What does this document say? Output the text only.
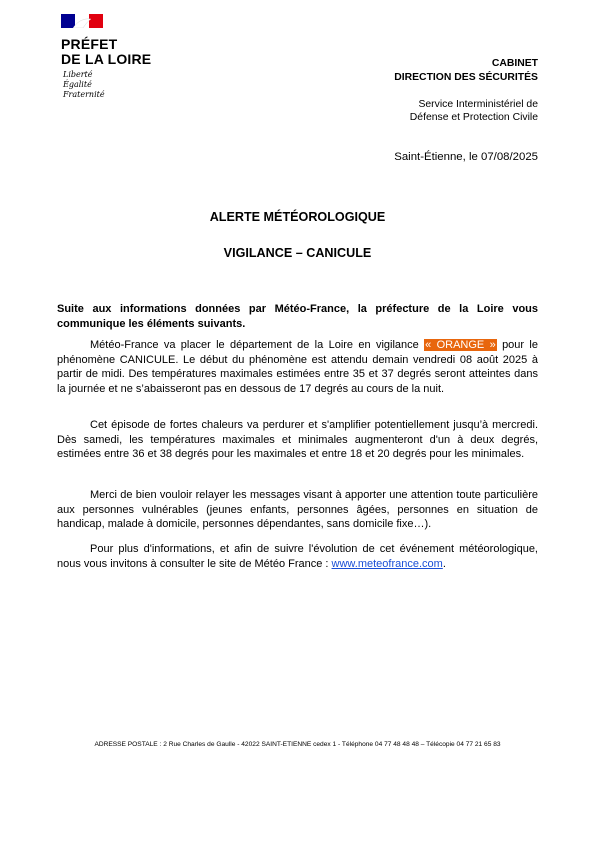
PRÉFET
DE LA LOIRE
Liberté
Égalité
Fraternité
CABINET
DIRECTION DES SÉCURITÉS
Service Interministériel de
Défense et Protection Civile
Saint-Étienne, le 07/08/2025
ALERTE MÉTÉOROLOGIQUE
VIGILANCE – CANICULE
Suite aux informations données par Météo-France, la préfecture de la Loire vous communique les éléments suivants.
Météo-France va placer le département de la Loire en vigilance « ORANGE » pour le phénomène CANICULE. Le début du phénomène est attendu demain vendredi 08 août 2025 à partir de midi. Des températures maximales estimées entre 35 et 37 degrés seront atteintes dans la journée et ne s’abaisseront pas en dessous de 17 degrés au cours de la nuit.
Cet épisode de fortes chaleurs va perdurer et s'amplifier potentiellement jusqu’à mercredi. Dès samedi, les températures maximales et minimales augmenteront d'un à deux degrés, estimées entre 36 et 38 degrés pour les maximales et entre 18 et 20 degrés pour les minimales.
Merci de bien vouloir relayer les messages visant à apporter une attention toute particulière aux personnes vulnérables (jeunes enfants, personnes âgées, personnes en situation de handicap, malade à domicile, personnes dépendantes, sans domicile fixe…).
Pour plus d'informations, et afin de suivre l'évolution de cet événement météorologique, nous vous invitons à consulter le site de Météo France : www.meteofrance.com.
ADRESSE POSTALE : 2 Rue Charles de Gaulle - 42022 SAINT-ETIENNE cedex 1 - Téléphone 04 77 48 48 48 – Télécopie 04 77 21 65 83
